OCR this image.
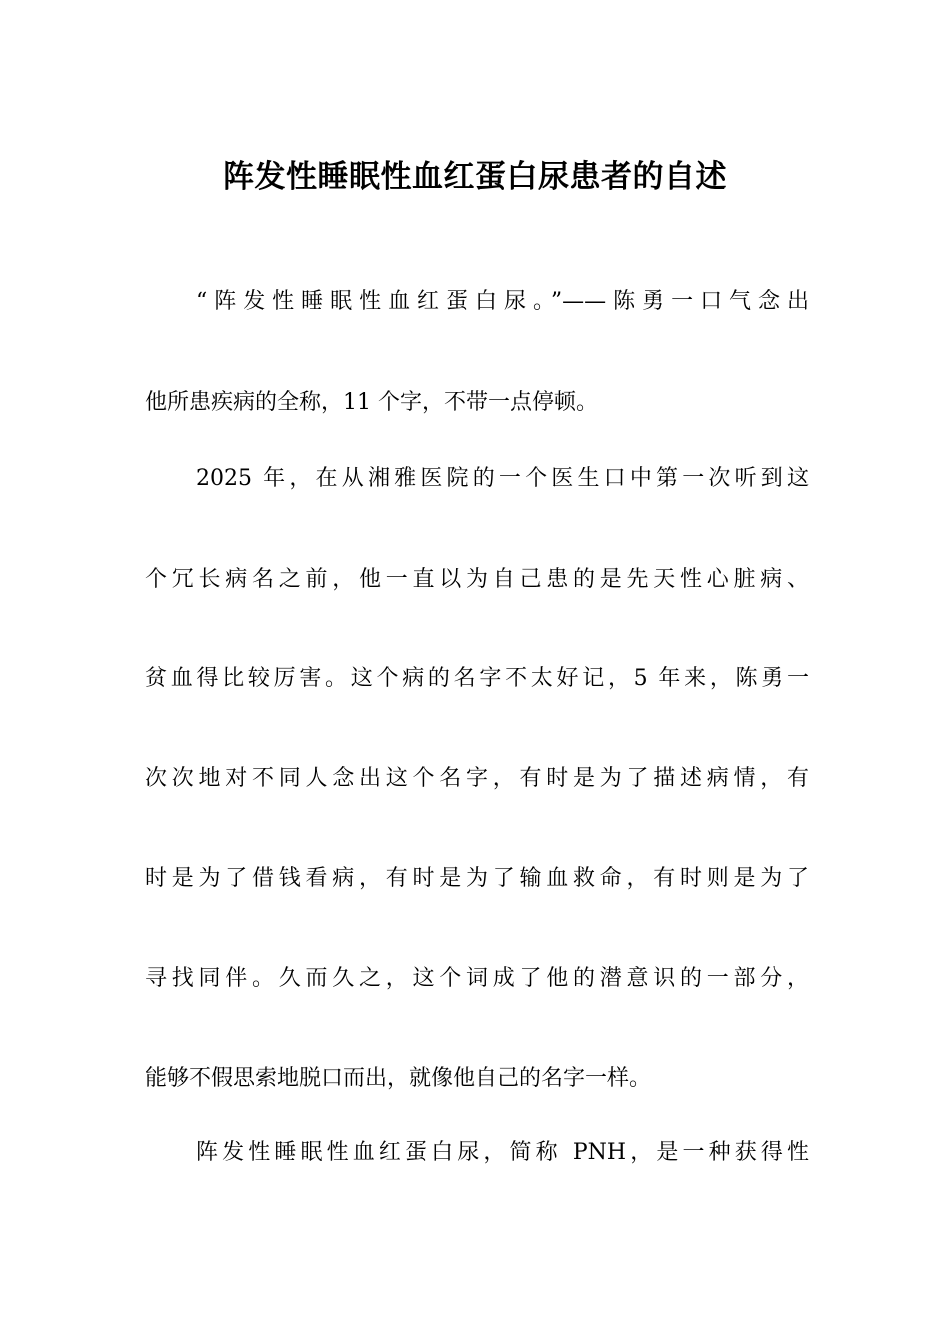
阵发性睡眠性血红蛋白尿患者的自述
“阵发性睡眠性血红蛋白尿。”——陈勇一口气念出
他所患疾病的全称，11 个字，不带一点停顿。
2025 年，在从湘雅医院的一个医生口中第一次听到这
个冗长病名之前，他一直以为自己患的是先天性心脏病、
贫血得比较厉害。这个病的名字不太好记，5 年来，陈勇一
次次地对不同人念出这个名字，有时是为了描述病情，有
时是为了借钱看病，有时是为了输血救命，有时则是为了
寻找同伴。久而久之，这个词成了他的潜意识的一部分，
能够不假思索地脱口而出，就像他自己的名字一样。
阵发性睡眠性血红蛋白尿，简称 PNH，是一种获得性
